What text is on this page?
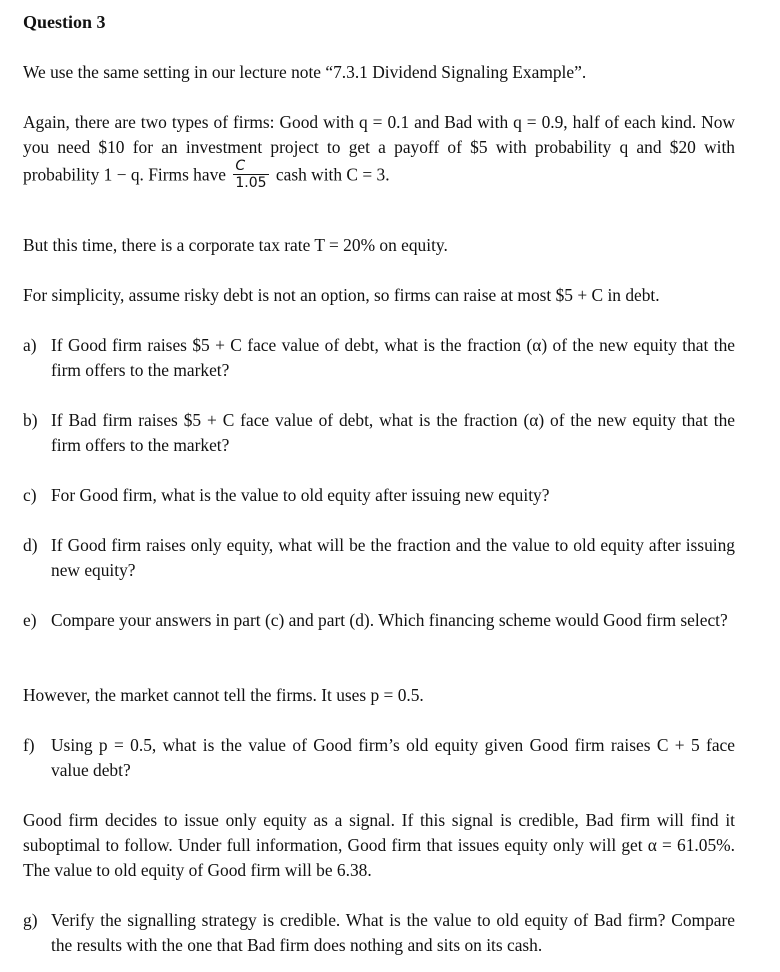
Question 3
We use the same setting in our lecture note “7.3.1 Dividend Signaling Example”.
Again, there are two types of firms: Good with q = 0.1 and Bad with q = 0.9, half of each kind. Now you need $10 for an investment project to get a payoff of $5 with probability q and $20 with probability 1 − q. Firms have $\frac{C}{1.05}$ cash with C = 3.
But this time, there is a corporate tax rate T = 20% on equity.
For simplicity, assume risky debt is not an option, so firms can raise at most $5 + C in debt.
a) If Good firm raises $5 + C face value of debt, what is the fraction (α) of the new equity that the firm offers to the market?
b) If Bad firm raises $5 + C face value of debt, what is the fraction (α) of the new equity that the firm offers to the market?
c) For Good firm, what is the value to old equity after issuing new equity?
d) If Good firm raises only equity, what will be the fraction and the value to old equity after issuing new equity?
e) Compare your answers in part (c) and part (d). Which financing scheme would Good firm select?
However, the market cannot tell the firms. It uses p = 0.5.
f) Using p = 0.5, what is the value of Good firm’s old equity given Good firm raises C + 5 face value debt?
Good firm decides to issue only equity as a signal. If this signal is credible, Bad firm will find it suboptimal to follow. Under full information, Good firm that issues equity only will get α = 61.05%. The value to old equity of Good firm will be 6.38.
g) Verify the signalling strategy is credible. What is the value to old equity of Bad firm? Compare the results with the one that Bad firm does nothing and sits on its cash.
